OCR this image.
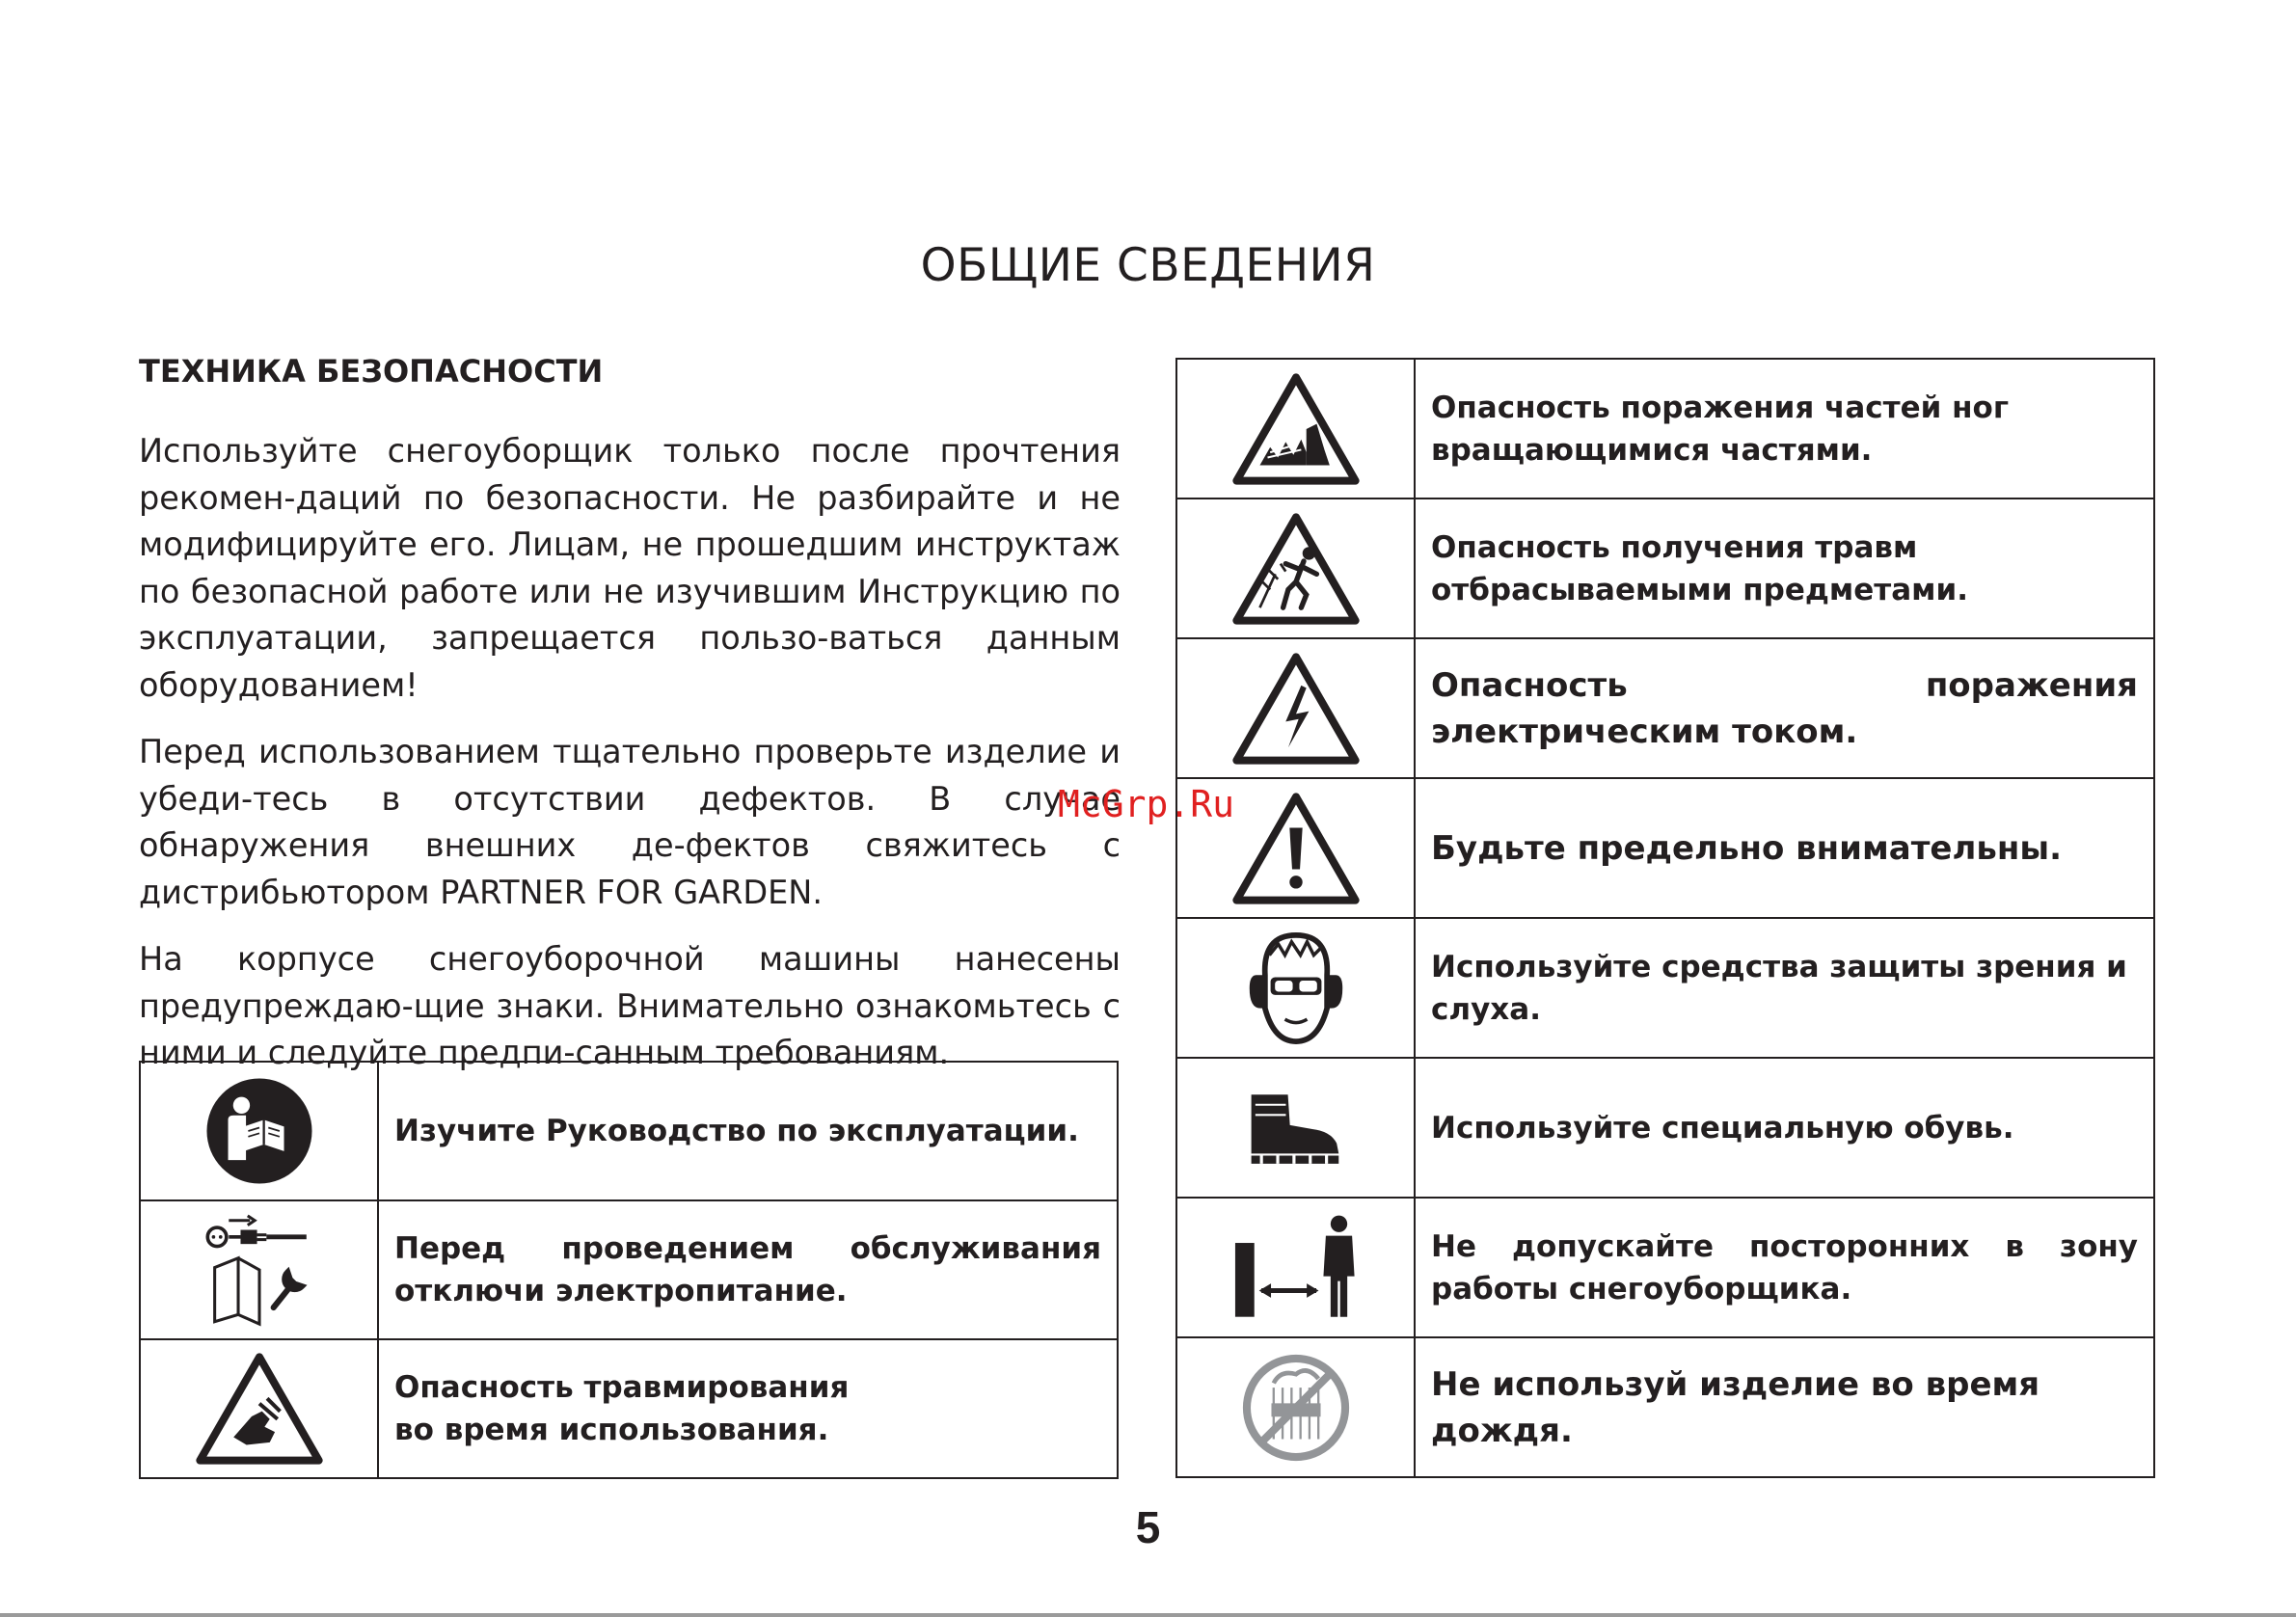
ОБЩИЕ СВЕДЕНИЯ
ТЕХНИКА БЕЗОПАСНОСТИ

Используйте снегоуборщик только после прочтения рекомен-даций по безопасности. Не разбирайте и не модифицируйте его. Лицам, не прошедшим инструктаж по безопасной работе или не изучившим Инструкцию по эксплуатации, запрещается пользо-ваться данным оборудованием!

Перед использованием тщательно проверьте изделие и убеди-тесь в отсутствии дефектов. В случае обнаружения внешних де-фектов свяжитесь с дистрибьютором PARTNER FOR GARDEN.

На корпусе снегоуборочной машины нанесены предупреждаю-щие знаки. Внимательно ознакомьтесь с ними и следуйте предпи-санным требованиям.

McGrp.Ru
	Изучите Руководство по эксплуатации.

	Перед проведением обслуживания отключи электропитание.

	Опасность травмирования
во время использования.
	Опасность поражения частей ног вращающимися частями.

	Опасность получения травм отбрасываемыми предметами.

	Опасность поражения электрическим током.

	Будьте предельно внимательны.

	Используйте средства защиты зрения и слуха.

	Используйте специальную обувь.

	Не допускайте посторонних в зону работы снегоуборщика.

	Не используй изделие во время дождя.
5
